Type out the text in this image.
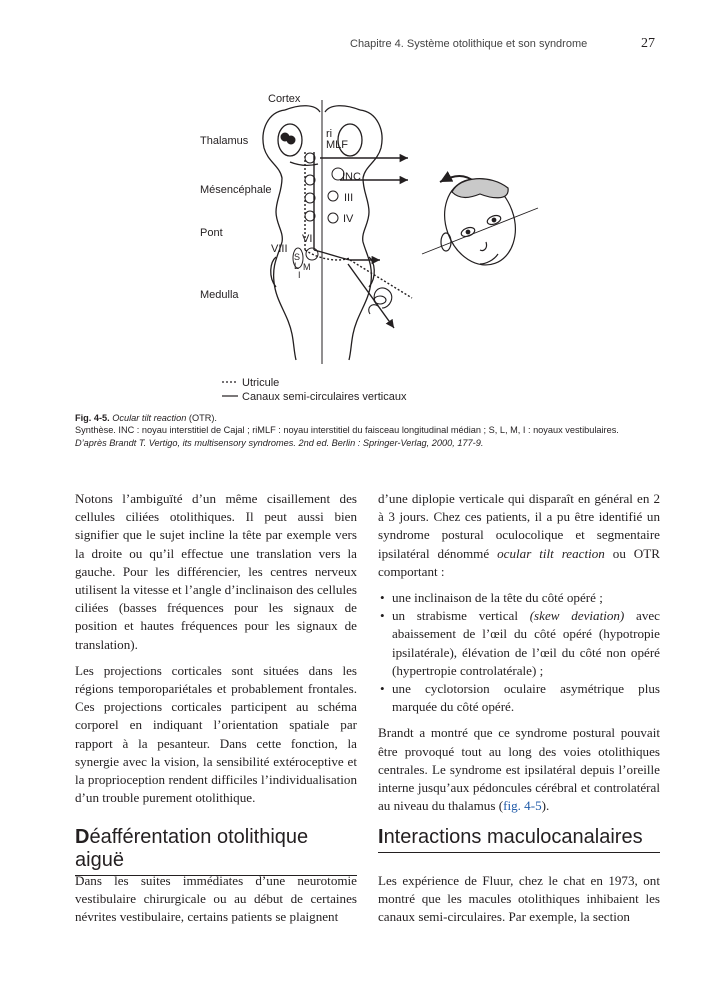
Chapitre 4. Système otolithique et son syndrome	27
Cortex
Thalamus
Mésencéphale
Pont
Medulla
ri
MLF
INC
III
IV
VI
VIII
S
L M
I
Utricule
Canaux semi-circulaires verticaux
Fig. 4-5. Ocular tilt reaction (OTR).
Synthèse. INC : noyau interstitiel de Cajal ; riMLF : noyau interstitiel du faisceau longitudinal médian ; S, L, M, I : noyaux vestibulaires.
D’après Brandt T. Vertigo, its multisensory syndromes. 2nd ed. Berlin : Springer-Verlag, 2000, 177-9.

Notons l’ambiguïté d’un même cisaillement des cellules ciliées otolithiques. Il peut aussi bien signifier que le sujet incline la tête par exemple vers la droite ou qu’il effectue une translation vers la gauche. Pour les différencier, les centres nerveux utilisent la vitesse et l’angle d’inclinaison des cellules ciliées (basses fréquences pour les signaux de position et hautes fréquences pour les signaux de translation).

Les projections corticales sont situées dans les régions temporopariétales et probablement frontales. Ces projections corticales participent au schéma corporel en indiquant l’orientation spatiale par rapport à la pesanteur. Dans cette fonction, la synergie avec la vision, la sensibilité extéroceptive et la proprioception rendent difficiles l’individualisation d’un trouble purement otolithique.

d’une diplopie verticale qui disparaît en général en 2 à 3 jours. Chez ces patients, il a pu être identifié un syndrome postural oculocolique et segmentaire ipsilatéral dénommé ocular tilt reaction ou OTR comportant :

• une inclinaison de la tête du côté opéré ;
• un strabisme vertical (skew deviation) avec abaissement de l’œil du côté opéré (hypotropie ipsilatérale), élévation de l’œil du côté non opéré (hypertropie controlatérale) ;
• une cyclotorsion oculaire asymétrique plus marquée du côté opéré.

Brandt a montré que ce syndrome postural pouvait être provoqué tout au long des voies otolithiques centrales. Le syndrome est ipsilatéral depuis l’oreille interne jusqu’aux pédoncules cérébral et controlatéral au niveau du thalamus (fig. 4-5).

Déafférentation otolithique aiguë
Interactions maculocanalaires
Dans les suites immédiates d’une neurotomie vestibulaire chirurgicale ou au début de certaines névrites vestibulaire, certains patients se plaignent
Les expérience de Fluur, chez le chat en 1973, ont montré que les macules otolithiques inhibaient les canaux semi-circulaires. Par exemple, la section
